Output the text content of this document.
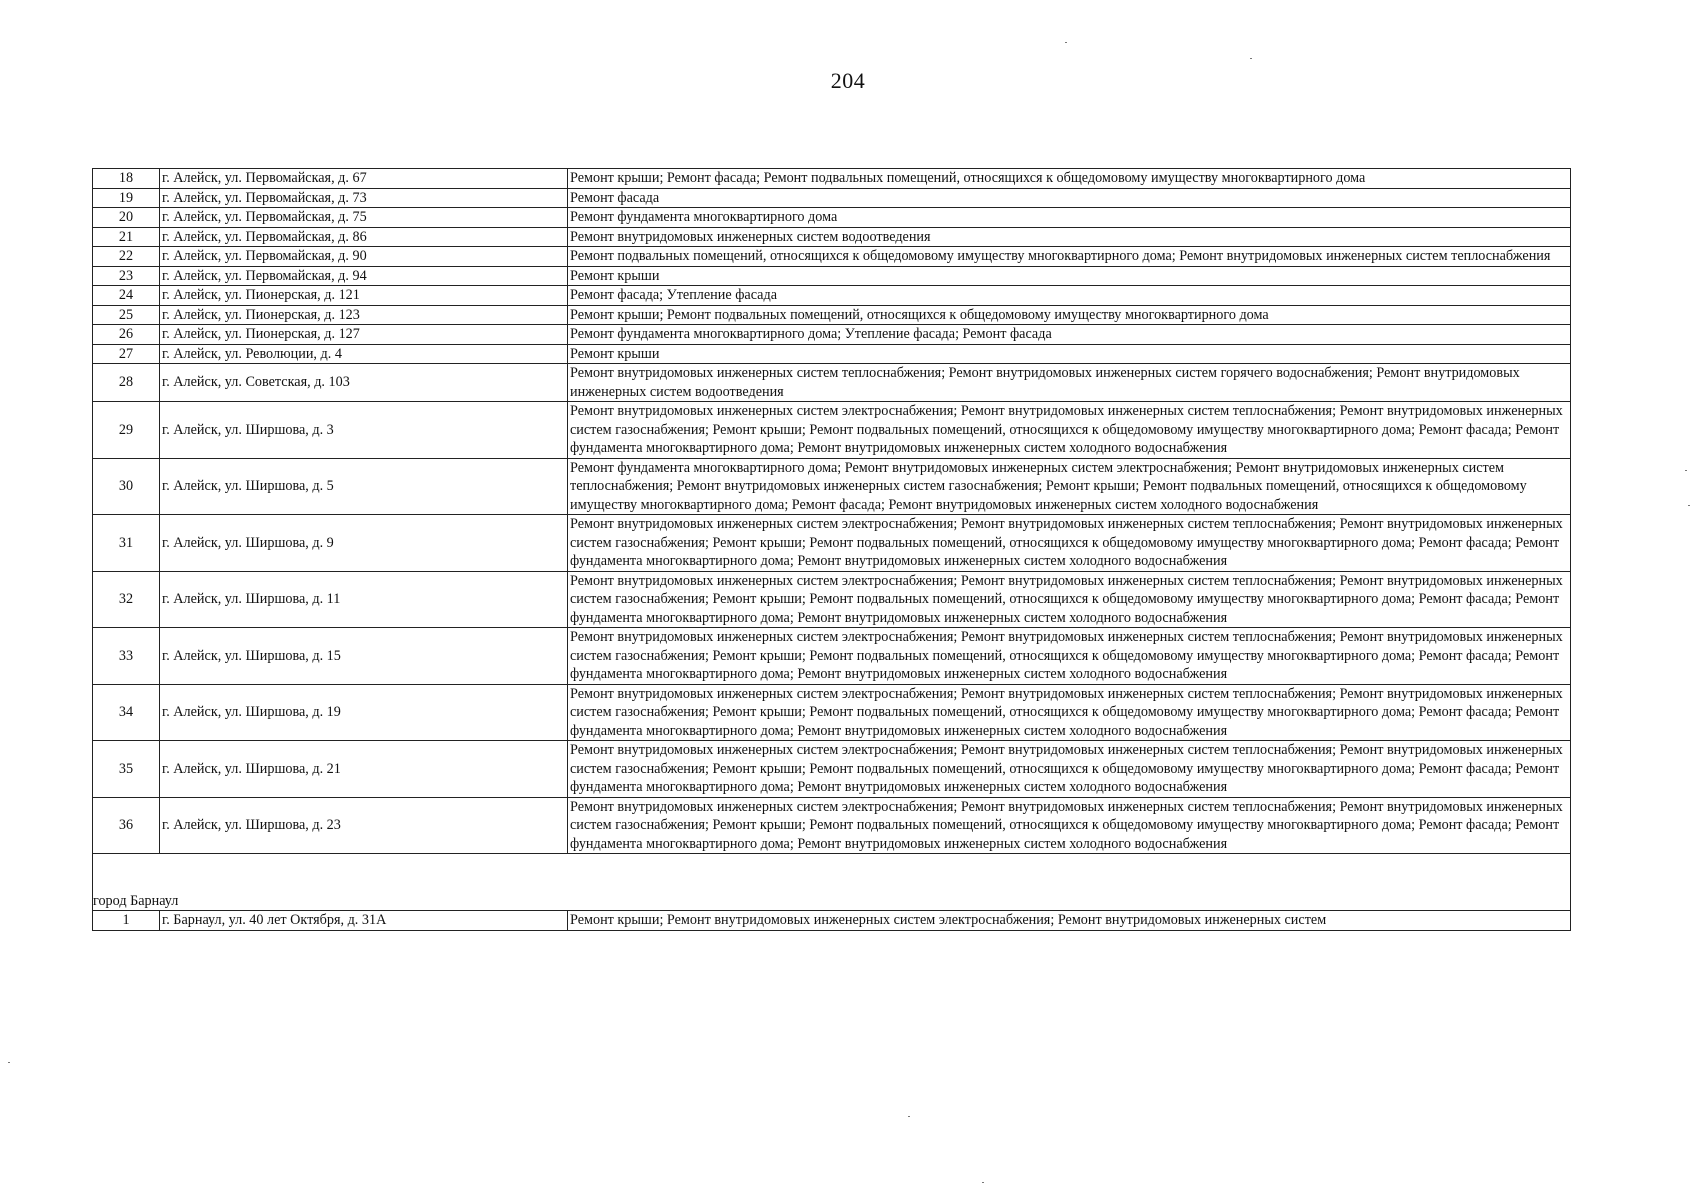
204
18	г. Алейск, ул. Первомайская, д. 67	Ремонт крыши; Ремонт фасада; Ремонт подвальных помещений, относящихся к общедомовому имуществу многоквартирного дома
19	г. Алейск, ул. Первомайская, д. 73	Ремонт фасада
20	г. Алейск, ул. Первомайская, д. 75	Ремонт фундамента многоквартирного дома
21	г. Алейск, ул. Первомайская, д. 86	Ремонт внутридомовых инженерных систем водоотведения
22	г. Алейск, ул. Первомайская, д. 90	Ремонт подвальных помещений, относящихся к общедомовому имуществу многоквартирного дома; Ремонт внутридомовых инженерных систем теплоснабжения
23	г. Алейск, ул. Первомайская, д. 94	Ремонт крыши
24	г. Алейск, ул. Пионерская, д. 121	Ремонт фасада; Утепление фасада
25	г. Алейск, ул. Пионерская, д. 123	Ремонт крыши; Ремонт подвальных помещений, относящихся к общедомовому имуществу многоквартирного дома
26	г. Алейск, ул. Пионерская, д. 127	Ремонт фундамента многоквартирного дома; Утепление фасада; Ремонт фасада
27	г. Алейск, ул. Революции, д. 4	Ремонт крыши
28	г. Алейск, ул. Советская, д. 103	Ремонт внутридомовых инженерных систем теплоснабжения; Ремонт внутридомовых инженерных систем горячего водоснабжения; Ремонт внутридомовых инженерных систем водоотведения
29	г. Алейск, ул. Ширшова, д. 3	Ремонт внутридомовых инженерных систем электроснабжения; Ремонт внутридомовых инженерных систем теплоснабжения; Ремонт внутридомовых инженерных систем газоснабжения; Ремонт крыши; Ремонт подвальных помещений, относящихся к общедомовому имуществу многоквартирного дома; Ремонт фасада; Ремонт фундамента многоквартирного дома; Ремонт внутридомовых инженерных систем холодного водоснабжения
30	г. Алейск, ул. Ширшова, д. 5	Ремонт фундамента многоквартирного дома; Ремонт внутридомовых инженерных систем электроснабжения; Ремонт внутридомовых инженерных систем теплоснабжения; Ремонт внутридомовых инженерных систем газоснабжения; Ремонт крыши; Ремонт подвальных помещений, относящихся к общедомовому имуществу многоквартирного дома; Ремонт фасада; Ремонт внутридомовых инженерных систем холодного водоснабжения
31	г. Алейск, ул. Ширшова, д. 9	Ремонт внутридомовых инженерных систем электроснабжения; Ремонт внутридомовых инженерных систем теплоснабжения; Ремонт внутридомовых инженерных систем газоснабжения; Ремонт крыши; Ремонт подвальных помещений, относящихся к общедомовому имуществу многоквартирного дома; Ремонт фасада; Ремонт фундамента многоквартирного дома; Ремонт внутридомовых инженерных систем холодного водоснабжения
32	г. Алейск, ул. Ширшова, д. 11	Ремонт внутридомовых инженерных систем электроснабжения; Ремонт внутридомовых инженерных систем теплоснабжения; Ремонт внутридомовых инженерных систем газоснабжения; Ремонт крыши; Ремонт подвальных помещений, относящихся к общедомовому имуществу многоквартирного дома; Ремонт фасада; Ремонт фундамента многоквартирного дома; Ремонт внутридомовых инженерных систем холодного водоснабжения
33	г. Алейск, ул. Ширшова, д. 15	Ремонт внутридомовых инженерных систем электроснабжения; Ремонт внутридомовых инженерных систем теплоснабжения; Ремонт внутридомовых инженерных систем газоснабжения; Ремонт крыши; Ремонт подвальных помещений, относящихся к общедомовому имуществу многоквартирного дома; Ремонт фасада; Ремонт фундамента многоквартирного дома; Ремонт внутридомовых инженерных систем холодного водоснабжения
34	г. Алейск, ул. Ширшова, д. 19	Ремонт внутридомовых инженерных систем электроснабжения; Ремонт внутридомовых инженерных систем теплоснабжения; Ремонт внутридомовых инженерных систем газоснабжения; Ремонт крыши; Ремонт подвальных помещений, относящихся к общедомовому имуществу многоквартирного дома; Ремонт фасада; Ремонт фундамента многоквартирного дома; Ремонт внутридомовых инженерных систем холодного водоснабжения
35	г. Алейск, ул. Ширшова, д. 21	Ремонт внутридомовых инженерных систем электроснабжения; Ремонт внутридомовых инженерных систем теплоснабжения; Ремонт внутридомовых инженерных систем газоснабжения; Ремонт крыши; Ремонт подвальных помещений, относящихся к общедомовому имуществу многоквартирного дома; Ремонт фасада; Ремонт фундамента многоквартирного дома; Ремонт внутридомовых инженерных систем холодного водоснабжения
36	г. Алейск, ул. Ширшова, д. 23	Ремонт внутридомовых инженерных систем электроснабжения; Ремонт внутридомовых инженерных систем теплоснабжения; Ремонт внутридомовых инженерных систем газоснабжения; Ремонт крыши; Ремонт подвальных помещений, относящихся к общедомовому имуществу многоквартирного дома; Ремонт фасада; Ремонт фундамента многоквартирного дома; Ремонт внутридомовых инженерных систем холодного водоснабжения
город Барнаул		
1	г. Барнаул, ул. 40 лет Октября, д. 31А	Ремонт крыши; Ремонт внутридомовых инженерных систем электроснабжения; Ремонт внутридомовых инженерных систем
